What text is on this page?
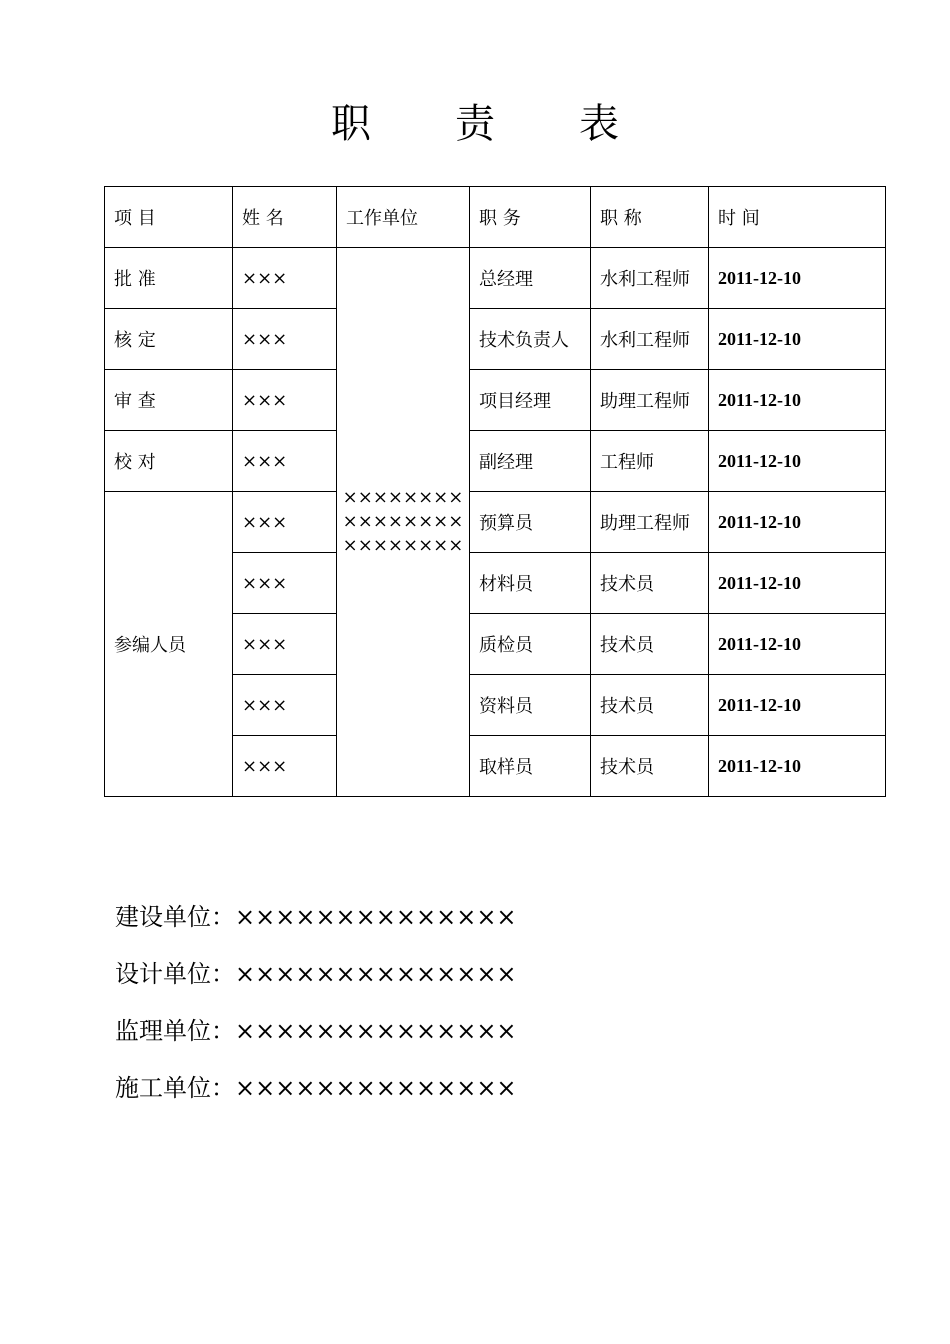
职 责 表
项 目	姓 名	工作单位	职 务	职 称	时 间
批 准	×××	××××××××××××××××××××××××	总经理	水利工程师	2011-12-10
核 定	×××		技术负责人	水利工程师	2011-12-10
审 查	×××		项目经理	助理工程师	2011-12-10
校 对	×××		副经理	工程师	2011-12-10
参编人员	×××		预算员	助理工程师	2011-12-10
	×××		材料员	技术员	2011-12-10
	×××		质检员	技术员	2011-12-10
	×××		资料员	技术员	2011-12-10
	×××		取样员	技术员	2011-12-10
建设单位：××××××××××××××
设计单位：××××××××××××××
监理单位：××××××××××××××
施工单位：××××××××××××××
